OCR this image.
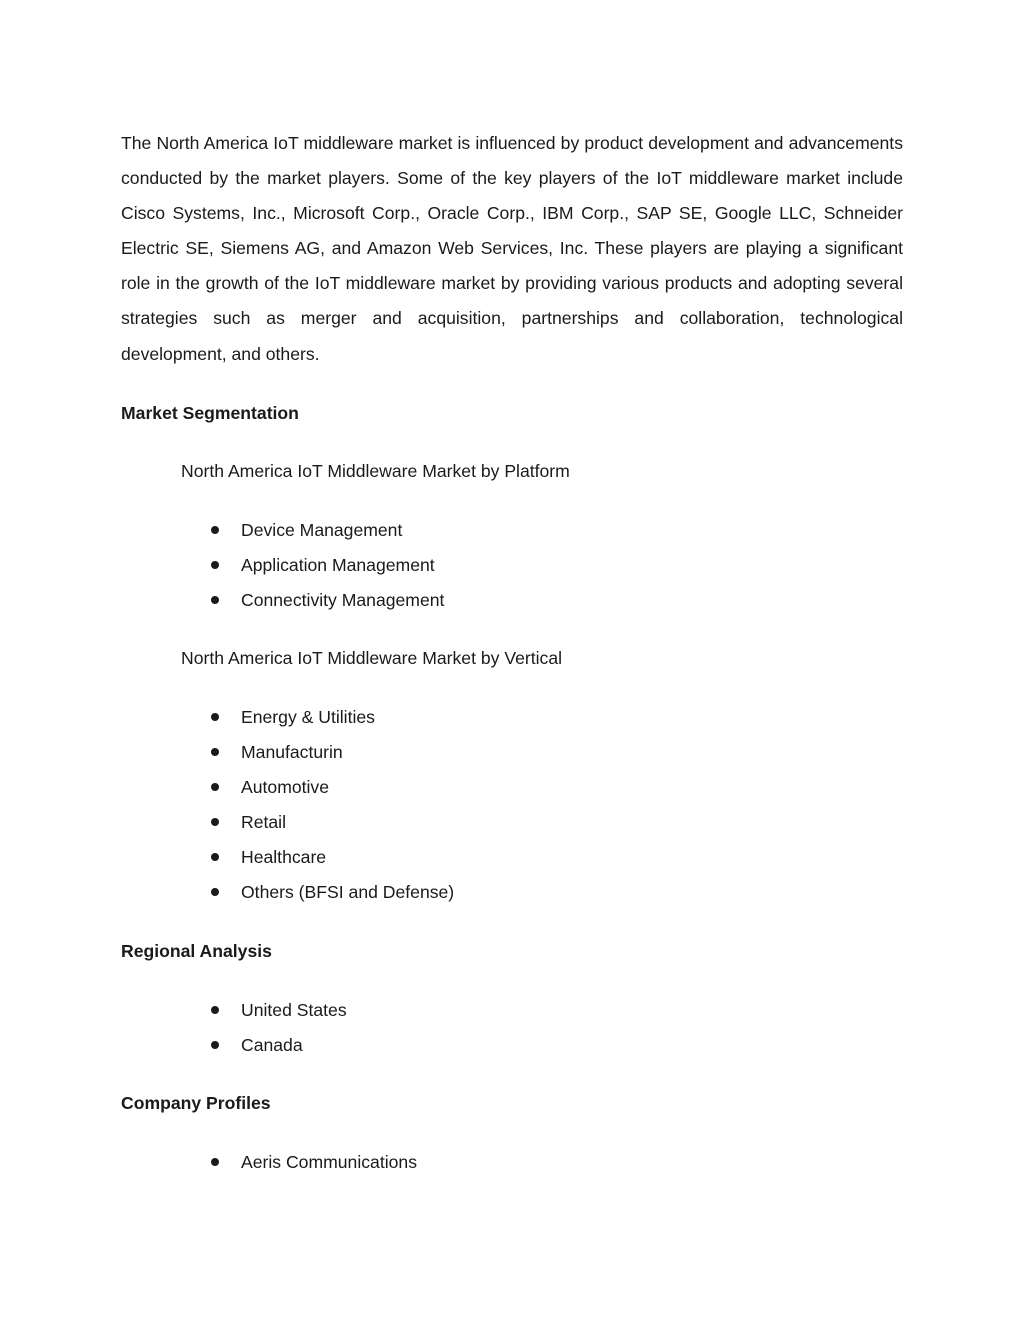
The North America IoT middleware market is influenced by product development and advancements conducted by the market players. Some of the key players of the IoT middleware market include Cisco Systems, Inc., Microsoft Corp., Oracle Corp., IBM Corp., SAP SE, Google LLC, Schneider Electric SE, Siemens AG, and Amazon Web Services, Inc. These players are playing a significant role in the growth of the IoT middleware market by providing various products and adopting several strategies such as merger and acquisition, partnerships and collaboration, technological development, and others.

Market Segmentation

North America IoT Middleware Market by Platform

Device Management
Application Management
Connectivity Management

North America IoT Middleware Market by Vertical

Energy & Utilities
Manufacturin
Automotive
Retail
Healthcare
Others (BFSI and Defense)
Regional Analysis
United States
Canada
Company Profiles
Aeris Communications
